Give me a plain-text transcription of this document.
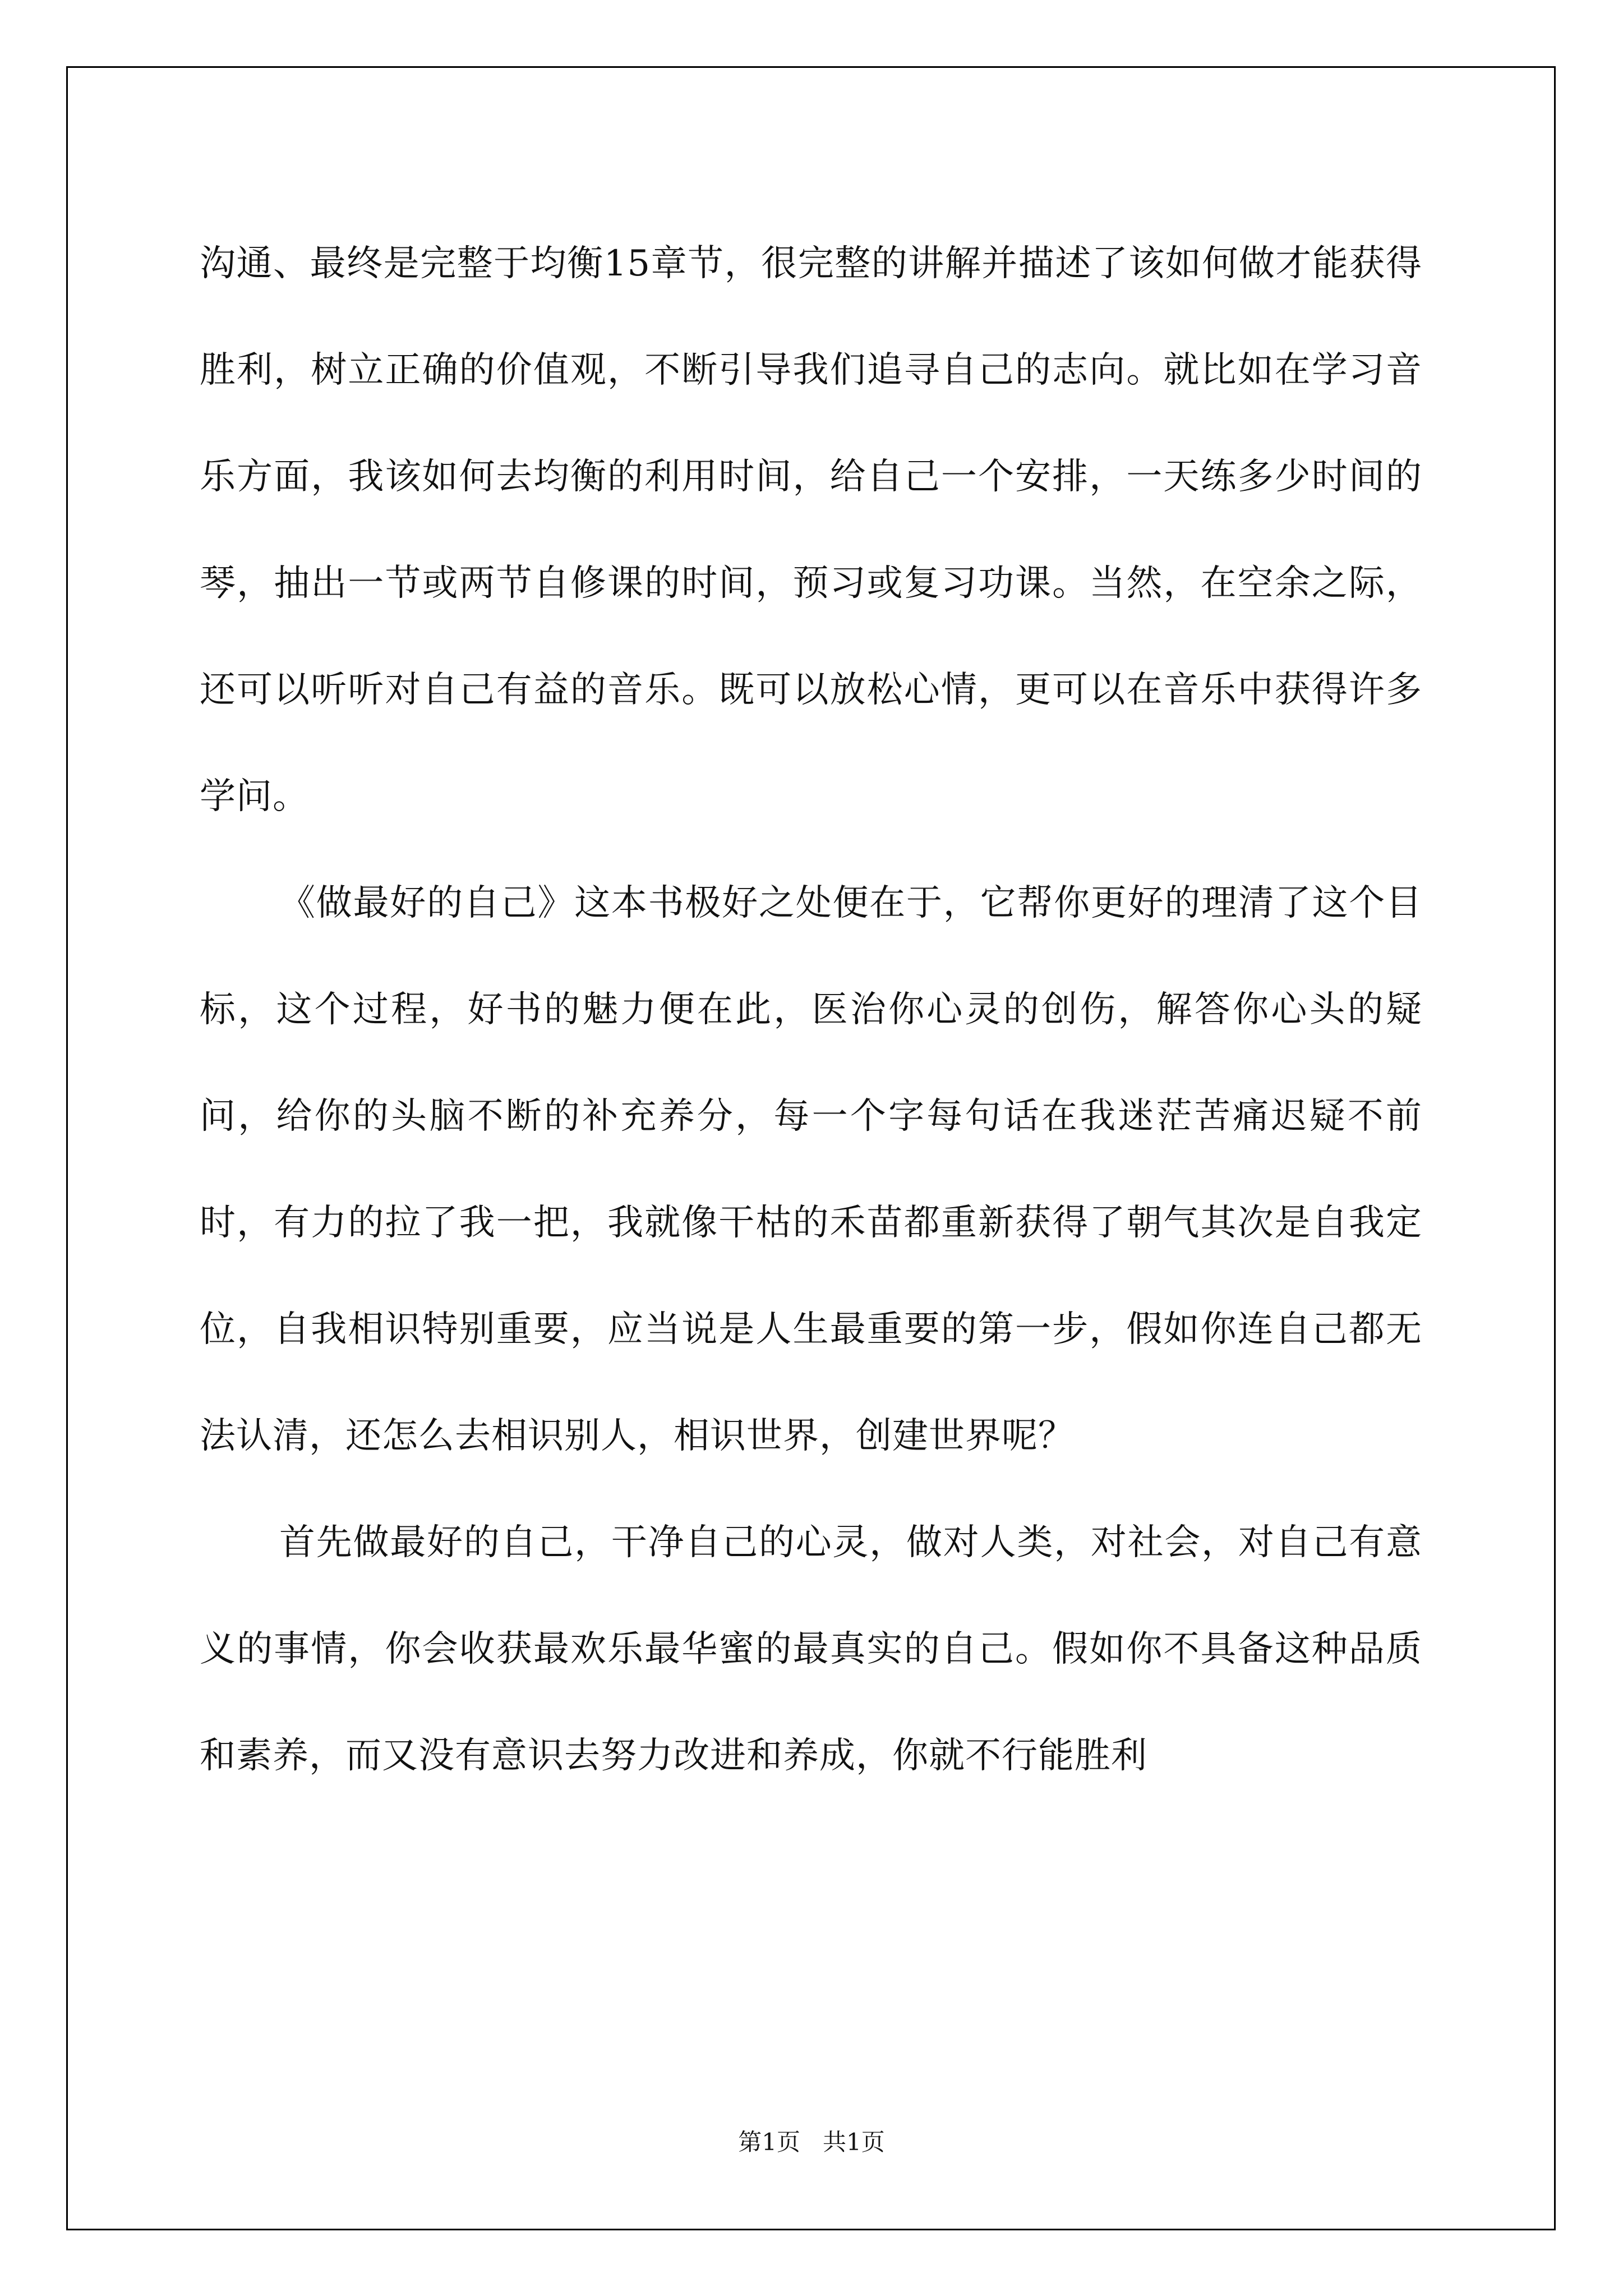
沟通、最终是完整于均衡15章节，很完整的讲解并描述了该如何做才能获得胜利，树立正确的价值观，不断引导我们追寻自己的志向。就比如在学习音乐方面，我该如何去均衡的利用时间，给自己一个安排，一天练多少时间的琴，抽出一节或两节自修课的时间，预习或复习功课。当然，在空余之际，还可以听听对自己有益的音乐。既可以放松心情，更可以在音乐中获得许多学问。

《做最好的自己》这本书极好之处便在于，它帮你更好的理清了这个目标，这个过程，好书的魅力便在此，医治你心灵的创伤，解答你心头的疑问，给你的头脑不断的补充养分，每一个字每句话在我迷茫苦痛迟疑不前时，有力的拉了我一把，我就像干枯的禾苗都重新获得了朝气其次是自我定位，自我相识特别重要，应当说是人生最重要的第一步，假如你连自己都无法认清，还怎么去相识别人，相识世界，创建世界呢？

首先做最好的自己，干净自己的心灵，做对人类，对社会，对自己有意义的事情，你会收获最欢乐最华蜜的最真实的自己。假如你不具备这种品质和素养，而又没有意识去努力改进和养成，你就不行能胜利

第1页   共1页
